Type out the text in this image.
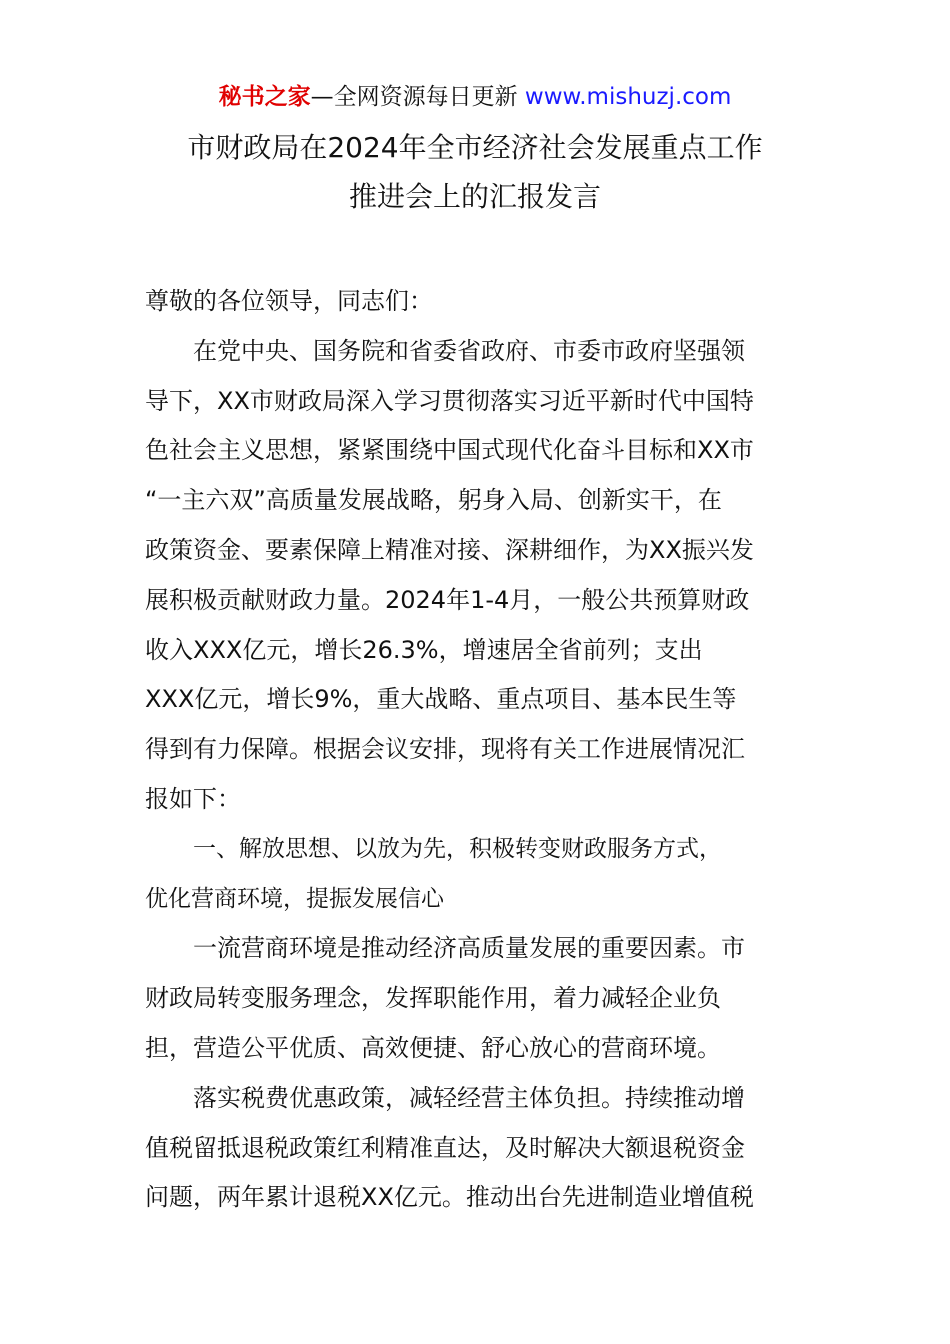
秘书之家—全网资源每日更新 www.mishuzj.com
市财政局在2024年全市经济社会发展重点工作
推进会上的汇报发言

尊敬的各位领导，同志们：

在党中央、国务院和省委省政府、市委市政府坚强领
导下，XX市财政局深入学习贯彻落实习近平新时代中国特
色社会主义思想，紧紧围绕中国式现代化奋斗目标和XX市
“一主六双”高质量发展战略，躬身入局、创新实干，在
政策资金、要素保障上精准对接、深耕细作，为XX振兴发
展积极贡献财政力量。2024年1-4月，一般公共预算财政
收入XXX亿元，增长26.3%，增速居全省前列；支出
XXX亿元，增长9%，重大战略、重点项目、基本民生等
得到有力保障。根据会议安排，现将有关工作进展情况汇
报如下：

一、解放思想、以放为先，积极转变财政服务方式，
优化营商环境，提振发展信心

一流营商环境是推动经济高质量发展的重要因素。市
财政局转变服务理念，发挥职能作用，着力减轻企业负
担，营造公平优质、高效便捷、舒心放心的营商环境。

落实税费优惠政策，减轻经营主体负担。持续推动增
值税留抵退税政策红利精准直达，及时解决大额退税资金
问题，两年累计退税XX亿元。推动出台先进制造业增值税
